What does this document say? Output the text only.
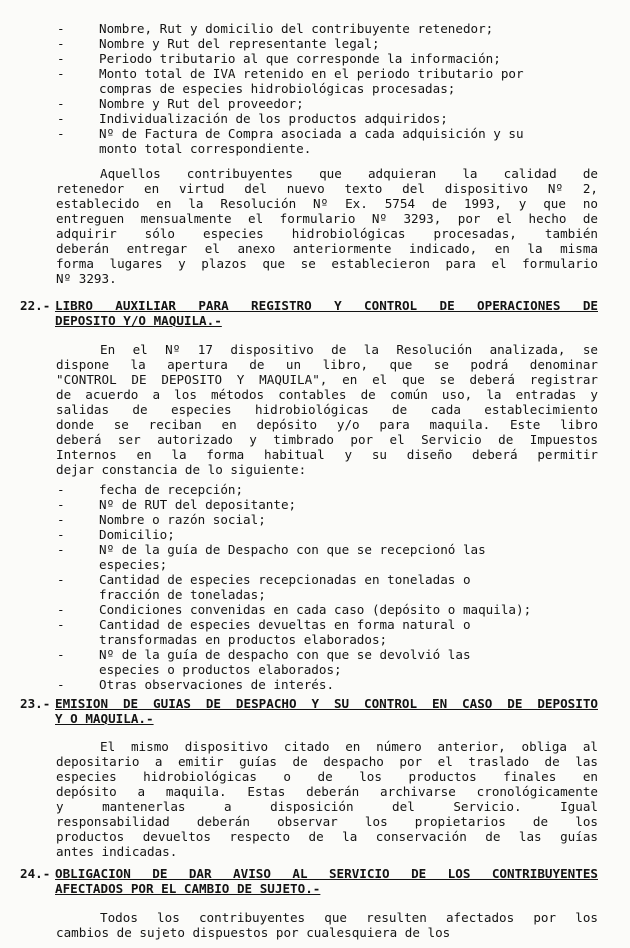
-	Nombre, Rut y domicilio del contribuyente retenedor;
-	Nombre y Rut del representante legal;
-	Periodo tributario al que corresponde la información;
-	Monto total de IVA retenido en el periodo tributario por
compras de especies hidrobiológicas procesadas;
-	Nombre y Rut del proveedor;
-	Individualización de los productos adquiridos;
-	Nº de Factura de Compra asociada a cada adquisición y su
monto total correspondiente.
Aquellos contribuyentes que adquieran la calidad de
retenedor en virtud del nuevo texto del dispositivo Nº 2,
establecido en la Resolución Nº Ex. 5754 de 1993, y que no
entreguen mensualmente el formulario Nº 3293, por el hecho de
adquirir sólo especies hidrobiológicas procesadas, también
deberán entregar el anexo anteriormente indicado, en la misma
forma lugares y plazos que se establecieron para el formulario
Nº 3293.
22.- LIBRO AUXILIAR PARA REGISTRO Y CONTROL DE OPERACIONES DE
DEPOSITO Y/O MAQUILA.-
En el Nº 17 dispositivo de la Resolución analizada, se
dispone la apertura de un libro, que se podrá denominar
"CONTROL DE DEPOSITO Y MAQUILA", en el que se deberá registrar
de acuerdo a los métodos contables de común uso, la entradas y
salidas de especies hidrobiológicas de cada establecimiento
donde se reciban en depósito y/o para maquila. Este libro
deberá ser autorizado y timbrado por el Servicio de Impuestos
Internos en la forma habitual y su diseño deberá permitir
dejar constancia de lo siguiente:
-	fecha de recepción;
-	Nº de RUT del depositante;
-	Nombre o razón social;
-	Domicilio;
-	Nº de la guía de Despacho con que se recepcionó las
especies;
-	Cantidad de especies recepcionadas en toneladas o
fracción de toneladas;
-	Condiciones convenidas en cada caso (depósito o maquila);
-	Cantidad de especies devueltas en forma natural o
transformadas en productos elaborados;
-	Nº de la guía de despacho con que se devolvió las
especies o productos elaborados;
-	Otras observaciones de interés.
23.- EMISION DE GUIAS DE DESPACHO Y SU CONTROL EN CASO DE DEPOSITO
Y O MAQUILA.-
El mismo dispositivo citado en número anterior, obliga al
depositario a emitir guías de despacho por el traslado de las
especies hidrobiológicas o de los productos finales en
depósito a maquila. Estas deberán archivarse cronológicamente
y mantenerlas a disposición del Servicio. Igual
responsabilidad deberán observar los propietarios de los
productos devueltos respecto de la conservación de las guías
antes indicadas.
24.- OBLIGACION DE DAR AVISO AL SERVICIO DE LOS CONTRIBUYENTES
AFECTADOS POR EL CAMBIO DE SUJETO.-
Todos los contribuyentes que resulten afectados por los
cambios de sujeto dispuestos por cualesquiera de los
